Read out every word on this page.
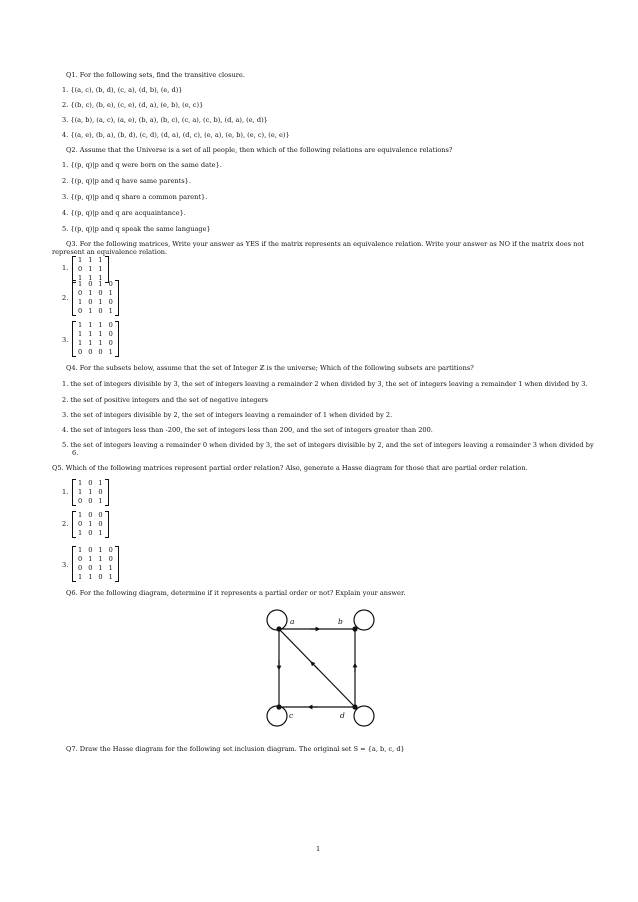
Q1. For the following sets, find the transitive closure.
1. {(a, c), (b, d), (c, a), (d, b), (e, d)}
2. {(b, c), (b, e), (c, e), (d, a), (e, b), (e, c)}
3. {(a, b), (a, c), (a, e), (b, a), (b, c), (c, a), (c, b), (d, a), (e, d)}
4. {(a, e), (b, a), (b, d), (c, d), (d, a), (d, c), (e, a), (e, b), (e, c), (e, e)}
Q2. Assume that the Universe is a set of all people, then which of the following relations are equivalence relations?
1. {(p, q)|p and q were born on the same date}.
2. {(p, q)|p and q have same parents}.
3. {(p, q)|p and q share a common parent}.
4. {(p, q)|p and q are acquaintance}.
5. {(p, q)|p and q speak the same language}
Q3. For the following matrices, Write your answer as YES if the matrix represents an equivalence relation. Write your answer as NO if the matrix does not represent an equivalence relation.
1.
1	1	1
0	1	1
1	1	1
2.
1	0	1	0
0	1	0	1
1	0	1	0
0	1	0	1
3.
1	1	1	0
1	1	1	0
1	1	1	0
0	0	0	1
Q4. For the subsets below, assume that the set of Integer ℤ is the universe; Which of the following subsets are partitions?
1. the set of integers divisible by 3, the set of integers leaving a remainder 2 when divided by 3, the set of integers leaving a remainder 1 when divided by 3.
2. the set of positive integers and the set of negative integers
3. the set of integers divisible by 2, the set of integers leaving a remainder of 1 when divided by 2.
4. the set of integers less than -200, the set of integers less than 200, and the set of integers greater than 200.
5. the set of integers leaving a remainder 0 when divided by 3, the set of integers divisible by 2, and the set of integers leaving a remainder 3 when divided by 6.
Q5. Which of the following matrices represent partial order relation? Also, generate a Hasse diagram for those that are partial order relation.
1.
1	0	1
1	1	0
0	0	1
2.
1	0	0
0	1	0
1	0	1
3.
1	0	1	0
0	1	1	0
0	0	1	1
1	1	0	1
Q6. For the following diagram, determine if it represents a partial order or not? Explain your answer.
a	b
c	d
Q7. Draw the Hasse diagram for the following set inclusion diagram. The original set S = {a, b, c, d}
1
